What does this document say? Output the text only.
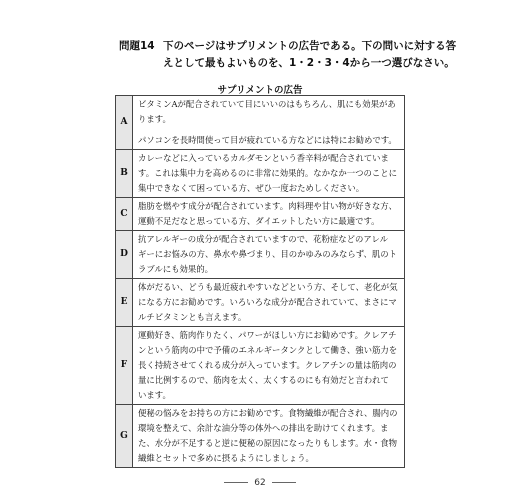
問題14 下のページはサプリメントの広告である。下の問いに対する答
えとして最もよいものを、1・2・3・4から一つ選びなさい。
サプリメントの広告
A	ビタミンAが配合されていて目にいいのはもちろん、肌にも効果があ
ります。
パソコンを長時間使って目が疲れている方などには特にお勧めです。

B	カレーなどに入っているカルダモンという香辛料が配合されていま
す。これは集中力を高めるのに非常に効果的。なかなか一つのことに
集中できなくて困っている方、ぜひ一度おためしください。

C	脂肪を燃やす成分が配合されています。肉料理や甘い物が好きな方、
運動不足だなと思っている方、ダイエットしたい方に最適です。

D	抗アレルギーの成分が配合されていますので、花粉症などのアレル
ギーにお悩みの方、鼻水や鼻づまり、目のかゆみのみならず、肌のト
ラブルにも効果的。

E	体がだるい、どうも最近疲れやすいなどという方、そして、老化が気
になる方にお勧めです。いろいろな成分が配合されていて、まさにマ
ルチビタミンとも言えます。

F	運動好き、筋肉作りたく、パワーがほしい方にお勧めです。クレアチ
ンという筋肉の中で予備のエネルギータンクとして働き、強い筋力を
長く持続させてくれる成分が入っています。クレアチンの量は筋肉の
量に比例するので、筋肉を太く、太くするのにも有効だと言われて
います。

G	便秘の悩みをお持ちの方にお勧めです。食物繊維が配合され、腸内の
環境を整えて、余計な油分等の体外への排出を助けてくれます。ま
た、水分が不足すると逆に便秘の原因になったりもします。水・食物
繊維とセットで多めに摂るようにしましょう。
62
